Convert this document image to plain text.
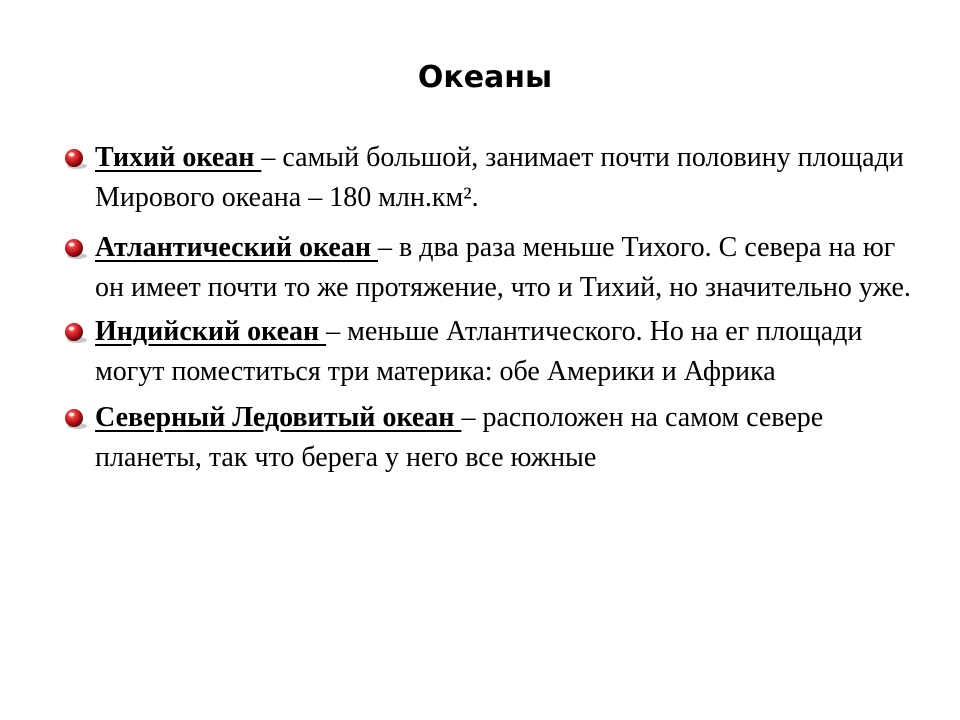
Океаны
Тихий океан – самый большой, занимает почти половину площади Мирового океана – 180 млн.км².
Атлантический океан – в два раза меньше Тихого. С севера на юг он имеет почти то же протяжение, что и Тихий, но значительно уже.
Индийский океан – меньше Атлантического. Но на ег площади могут поместиться три материка: обе Америки и Африка
Северный Ледовитый океан – расположен на самом севере планеты, так что берега у него все южные
